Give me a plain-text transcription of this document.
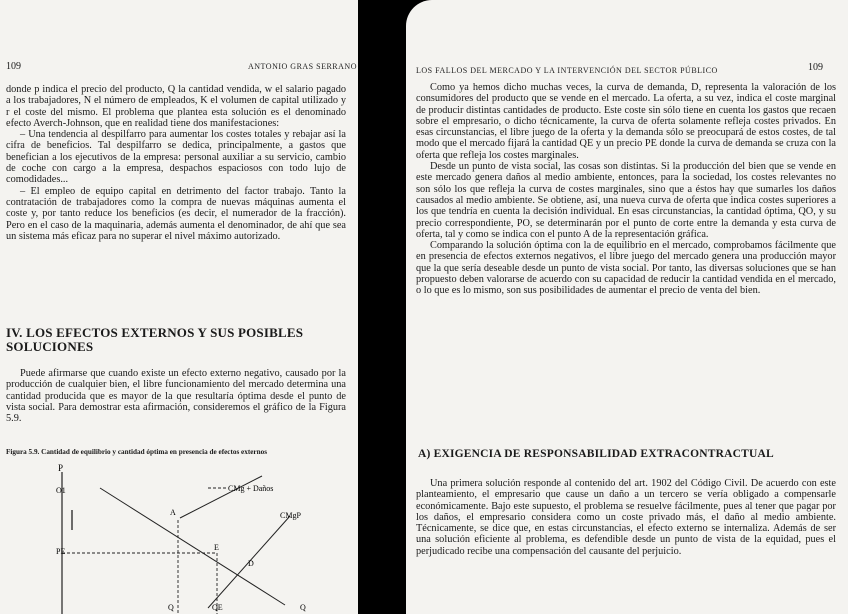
109	ANTONIO GRAS SERRANO

donde p indica el precio del producto, Q la cantidad vendida, w el salario pagado a los trabajadores, N el número de empleados, K el volumen de capital utilizado y r el coste del mismo. El problema que plantea esta solución es el denominado efecto Averch-Johnson, que en realidad tiene dos manifestaciones:

– Una tendencia al despilfarro para aumentar los costes totales y rebajar así la cifra de beneficios. Tal despilfarro se dedica, principalmente, a gastos que benefician a los ejecutivos de la empresa: personal auxiliar a su servicio, cambio de coche con cargo a la empresa, despachos espaciosos con todo lujo de comodidades...

– El empleo de equipo capital en detrimento del factor trabajo. Tanto la contratación de trabajadores como la compra de nuevas máquinas aumenta el coste y, por tanto reduce los beneficios (es decir, el numerador de la fracción). Pero en el caso de la maquinaria, además aumenta el denominador, de ahí que sea un sistema más eficaz para no superar el nivel máximo autorizado.

IV. LOS EFECTOS EXTERNOS Y SUS POSIBLES SOLUCIONES

Puede afirmarse que cuando existe un efecto externo negativo, causado por la producción de cualquier bien, el libre funcionamiento del mercado determina una cantidad producida que es mayor de la que resultaría óptima desde el punto de vista social. Para demostrar esta afirmación, consideremos el gráfico de la Figura 5.9.

Figura 5.9. Cantidad de equilibrio y cantidad óptima en presencia de efectos externos
P
O1
PE
CMg + Daños
CMgP
A
E
D
Q	QE	Q
LOS FALLOS DEL MERCADO Y LA INTERVENCIÓN DEL SECTOR PÚBLICO	109

Como ya hemos dicho muchas veces, la curva de demanda, D, representa la valoración de los consumidores del producto que se vende en el mercado. La oferta, a su vez, indica el coste marginal de producir distintas cantidades de producto. Este coste sin sólo tiene en cuenta los gastos que recaen sobre el empresario, o dicho técnicamente, la curva de oferta solamente refleja costes privados. En esas circunstancias, el libre juego de la oferta y la demanda sólo se preocupará de estos costes, de tal modo que el mercado fijará la cantidad QE y un precio PE donde la curva de demanda se cruza con la oferta que refleja los costes marginales.

Desde un punto de vista social, las cosas son distintas. Si la producción del bien que se vende en este mercado genera daños al medio ambiente, entonces, para la sociedad, los costes relevantes no son sólo los que refleja la curva de costes marginales, sino que a éstos hay que sumarles los daños causados al medio ambiente. Se obtiene, así, una nueva curva de oferta que indica costes superiores a los que tendría en cuenta la decisión individual. En esas circunstancias, la cantidad óptima, QO, y su precio correspondiente, PO, se determinarán por el punto de corte entre la demanda y esta curva de oferta, tal y como se indica con el punto A de la representación gráfica.

Comparando la solución óptima con la de equilibrio en el mercado, comprobamos fácilmente que en presencia de efectos externos negativos, el libre juego del mercado genera una producción mayor que la que sería deseable desde un punto de vista social. Por tanto, las diversas soluciones que se han propuesto deben valorarse de acuerdo con su capacidad de reducir la cantidad vendida en el mercado, o lo que es lo mismo, son sus posibilidades de aumentar el precio de venta del bien.

A) EXIGENCIA DE RESPONSABILIDAD EXTRACONTRACTUAL

Una primera solución responde al contenido del art. 1902 del Código Civil. De acuerdo con este planteamiento, el empresario que cause un daño a un tercero se vería obligado a compensarle económicamente. Bajo este supuesto, el problema se resuelve fácilmente, pues al tener que pagar por los daños, el empresario considera como un coste privado más, el daño al medio ambiente. Técnicamente, se dice que, en estas circunstancias, el efecto externo se internaliza. Además de ser una solución eficiente al problema, es defendible desde un punto de vista de la equidad, pues el perjudicado recibe una compensación del causante del perjuicio.
